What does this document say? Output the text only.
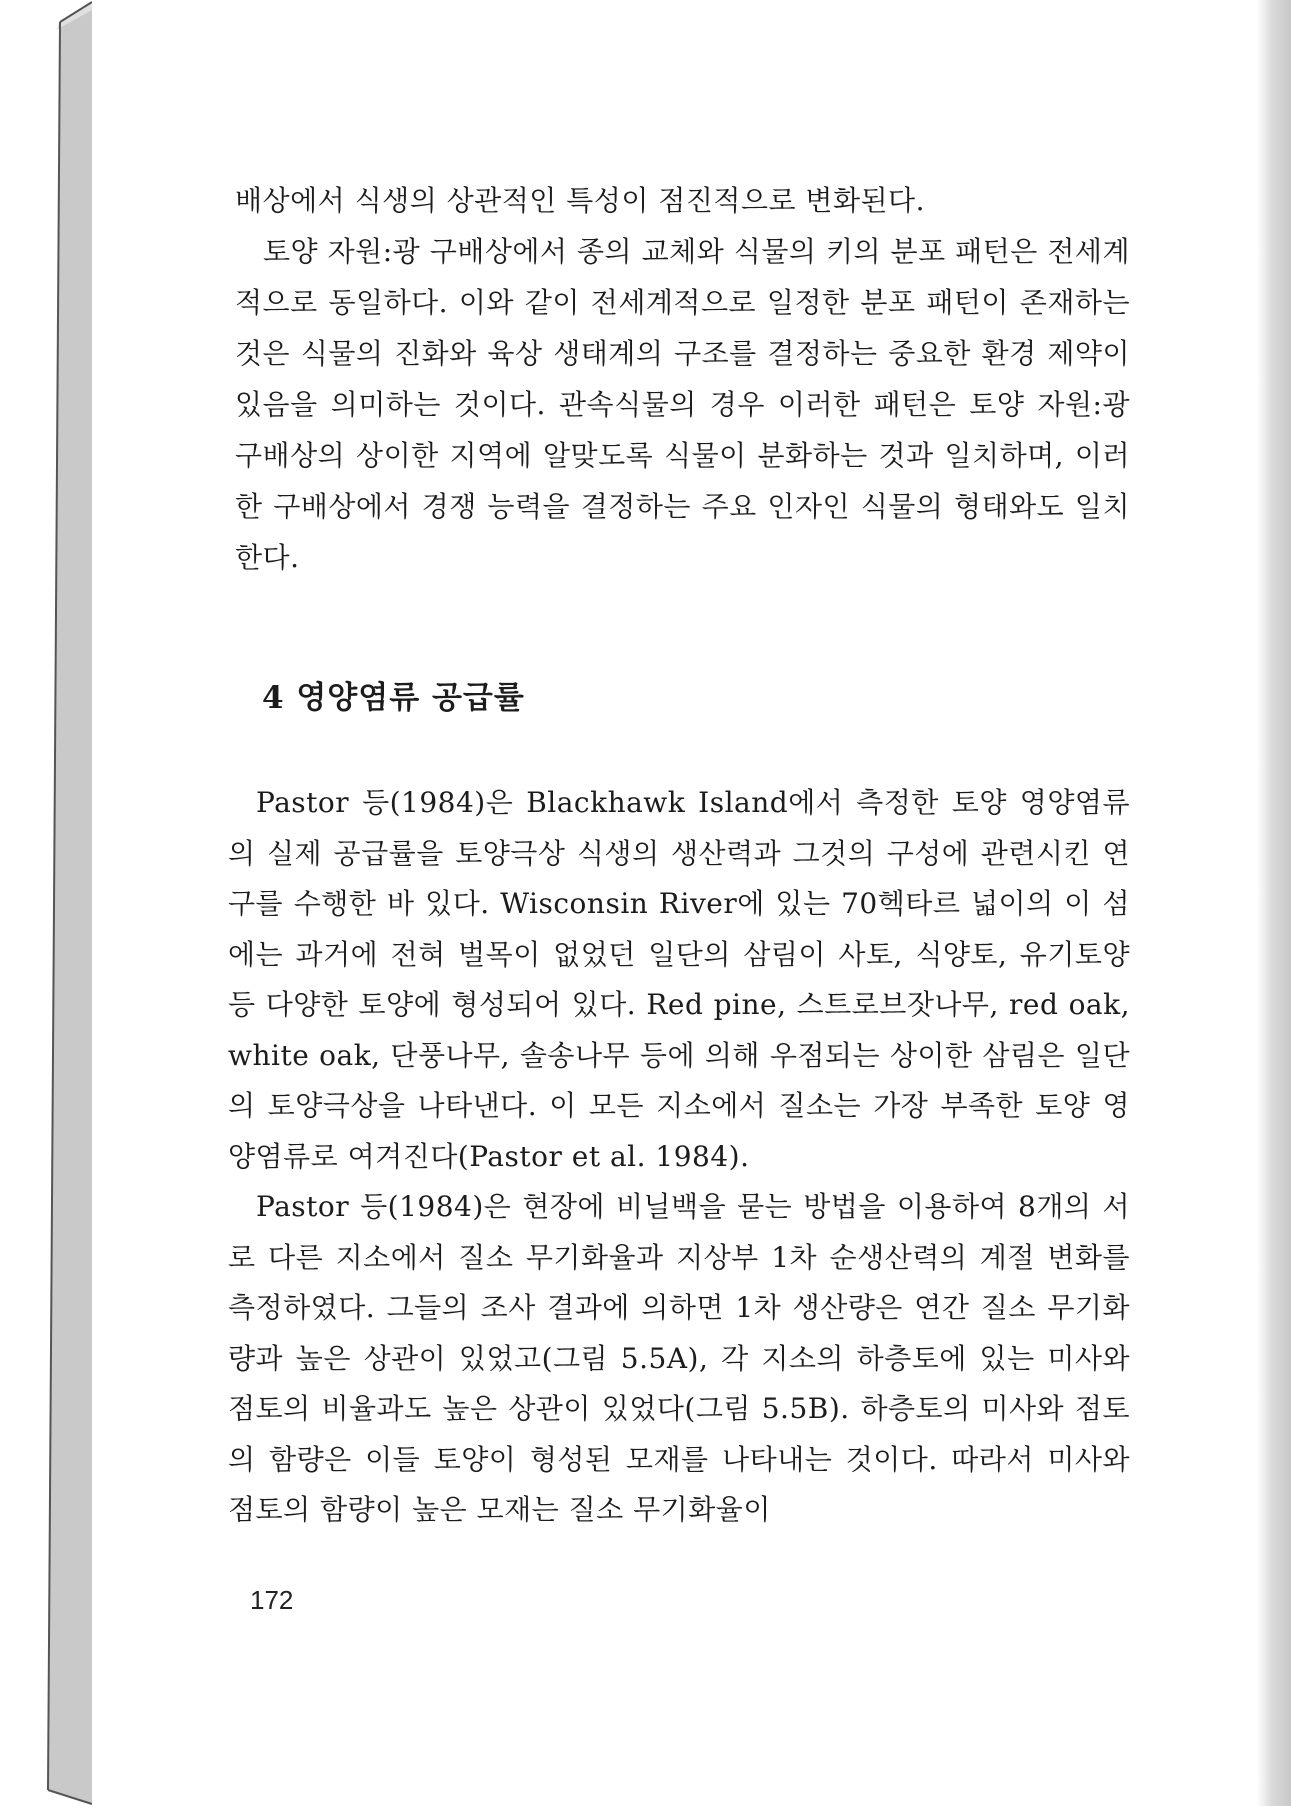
배상에서 식생의 상관적인 특성이 점진적으로 변화된다.

토양 자원:광 구배상에서 종의 교체와 식물의 키의 분포 패턴은 전세계적으로 동일하다. 이와 같이 전세계적으로 일정한 분포 패턴이 존재하는 것은 식물의 진화와 육상 생태계의 구조를 결정하는 중요한 환경 제약이 있음을 의미하는 것이다. 관속식물의 경우 이러한 패턴은 토양 자원:광 구배상의 상이한 지역에 알맞도록 식물이 분화하는 것과 일치하며, 이러한 구배상에서 경쟁 능력을 결정하는 주요 인자인 식물의 형태와도 일치한다.

4 영양염류 공급률

Pastor 등(1984)은 Blackhawk Island에서 측정한 토양 영양염류의 실제 공급률을 토양극상 식생의 생산력과 그것의 구성에 관련시킨 연구를 수행한 바 있다. Wisconsin River에 있는 70헥타르 넓이의 이 섬에는 과거에 전혀 벌목이 없었던 일단의 삼림이 사토, 식양토, 유기토양 등 다양한 토양에 형성되어 있다. Red pine, 스트로브잣나무, red oak, white oak, 단풍나무, 솔송나무 등에 의해 우점되는 상이한 삼림은 일단의 토양극상을 나타낸다. 이 모든 지소에서 질소는 가장 부족한 토양 영양염류로 여겨진다(Pastor et al. 1984).

Pastor 등(1984)은 현장에 비닐백을 묻는 방법을 이용하여 8개의 서로 다른 지소에서 질소 무기화율과 지상부 1차 순생산력의 계절 변화를 측정하였다. 그들의 조사 결과에 의하면 1차 생산량은 연간 질소 무기화량과 높은 상관이 있었고(그림 5.5A), 각 지소의 하층토에 있는 미사와 점토의 비율과도 높은 상관이 있었다(그림 5.5B). 하층토의 미사와 점토의 함량은 이들 토양이 형성된 모재를 나타내는 것이다. 따라서 미사와 점토의 함량이 높은 모재는 질소 무기화율이

172
